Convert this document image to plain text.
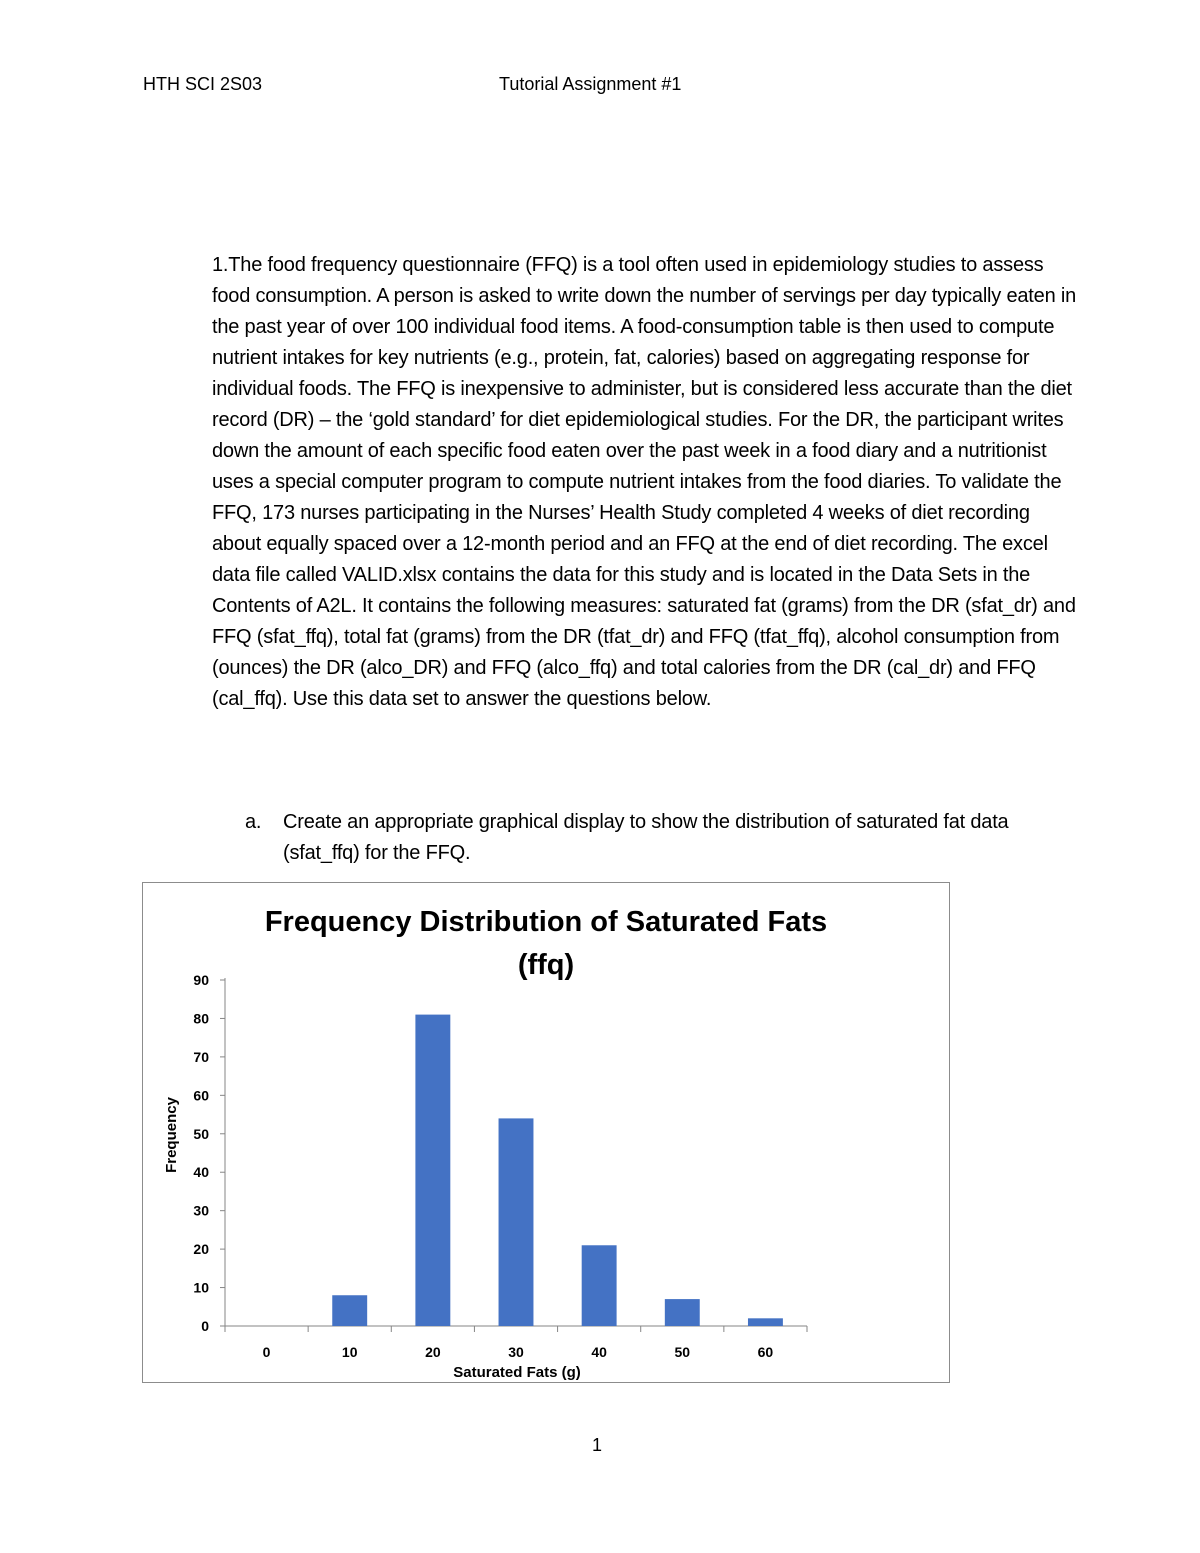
HTH SCI 2S03	Tutorial Assignment #1
1.The food frequency questionnaire (FFQ) is a tool often used in epidemiology studies to assess food consumption. A person is asked to write down the number of servings per day typically eaten in the past year of over 100 individual food items. A food-consumption table is then used to compute nutrient intakes for key nutrients (e.g., protein, fat, calories) based on aggregating response for individual foods. The FFQ is inexpensive to administer, but is considered less accurate than the diet record (DR) – the ‘gold standard’ for diet epidemiological studies. For the DR, the participant writes down the amount of each specific food eaten over the past week in a food diary and a nutritionist uses a special computer program to compute nutrient intakes from the food diaries. To validate the FFQ, 173 nurses participating in the Nurses’ Health Study completed 4 weeks of diet recording about equally spaced over a 12-month period and an FFQ at the end of diet recording. The excel data file called VALID.xlsx contains the data for this study and is located in the Data Sets in the Contents of A2L. It contains the following measures: saturated fat (grams) from the DR (sfat_dr) and FFQ (sfat_ffq), total fat (grams) from the DR (tfat_dr) and FFQ (tfat_ffq), alcohol consumption from (ounces) the DR (alco_DR) and FFQ (alco_ffq) and total calories from the DR (cal_dr) and FFQ (cal_ffq). Use this data set to answer the questions below.
a.	Create an appropriate graphical display to show the distribution of saturated fat data (sfat_ffq) for the FFQ.
Frequency Distribution of Saturated Fats
(ffq)
Frequency
Saturated Fats (g)
0
10
20
30
40
50
60
70
80
90
0	10	20	30	40	50	60
1
